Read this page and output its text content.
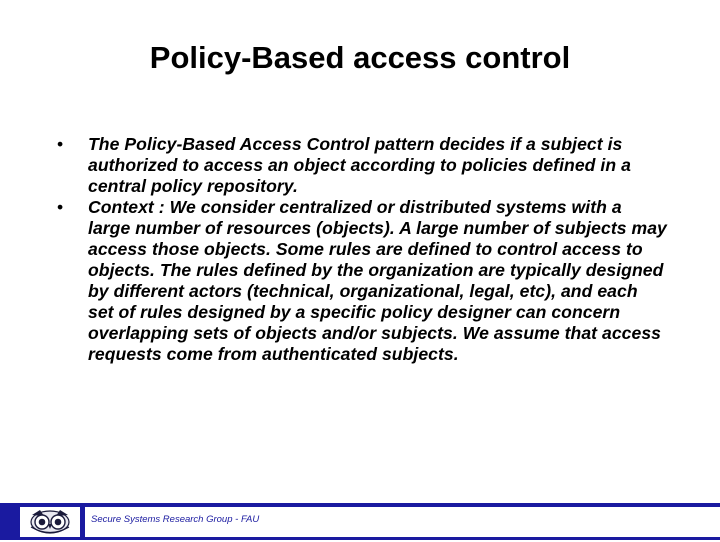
Policy-Based access control
• The Policy-Based Access Control pattern decides if a subject is authorized to access an object according to policies defined in a central policy repository.
• Context : We consider centralized or distributed systems with a large number of resources (objects). A large number of subjects may access those objects. Some rules are defined to control access to objects. The rules defined by the organization are typically designed by different actors (technical, organizational, legal, etc), and each set of rules designed by a specific policy designer can concern overlapping sets of objects and/or subjects. We assume that access requests come from authenticated subjects.
Secure Systems Research Group - FAU
